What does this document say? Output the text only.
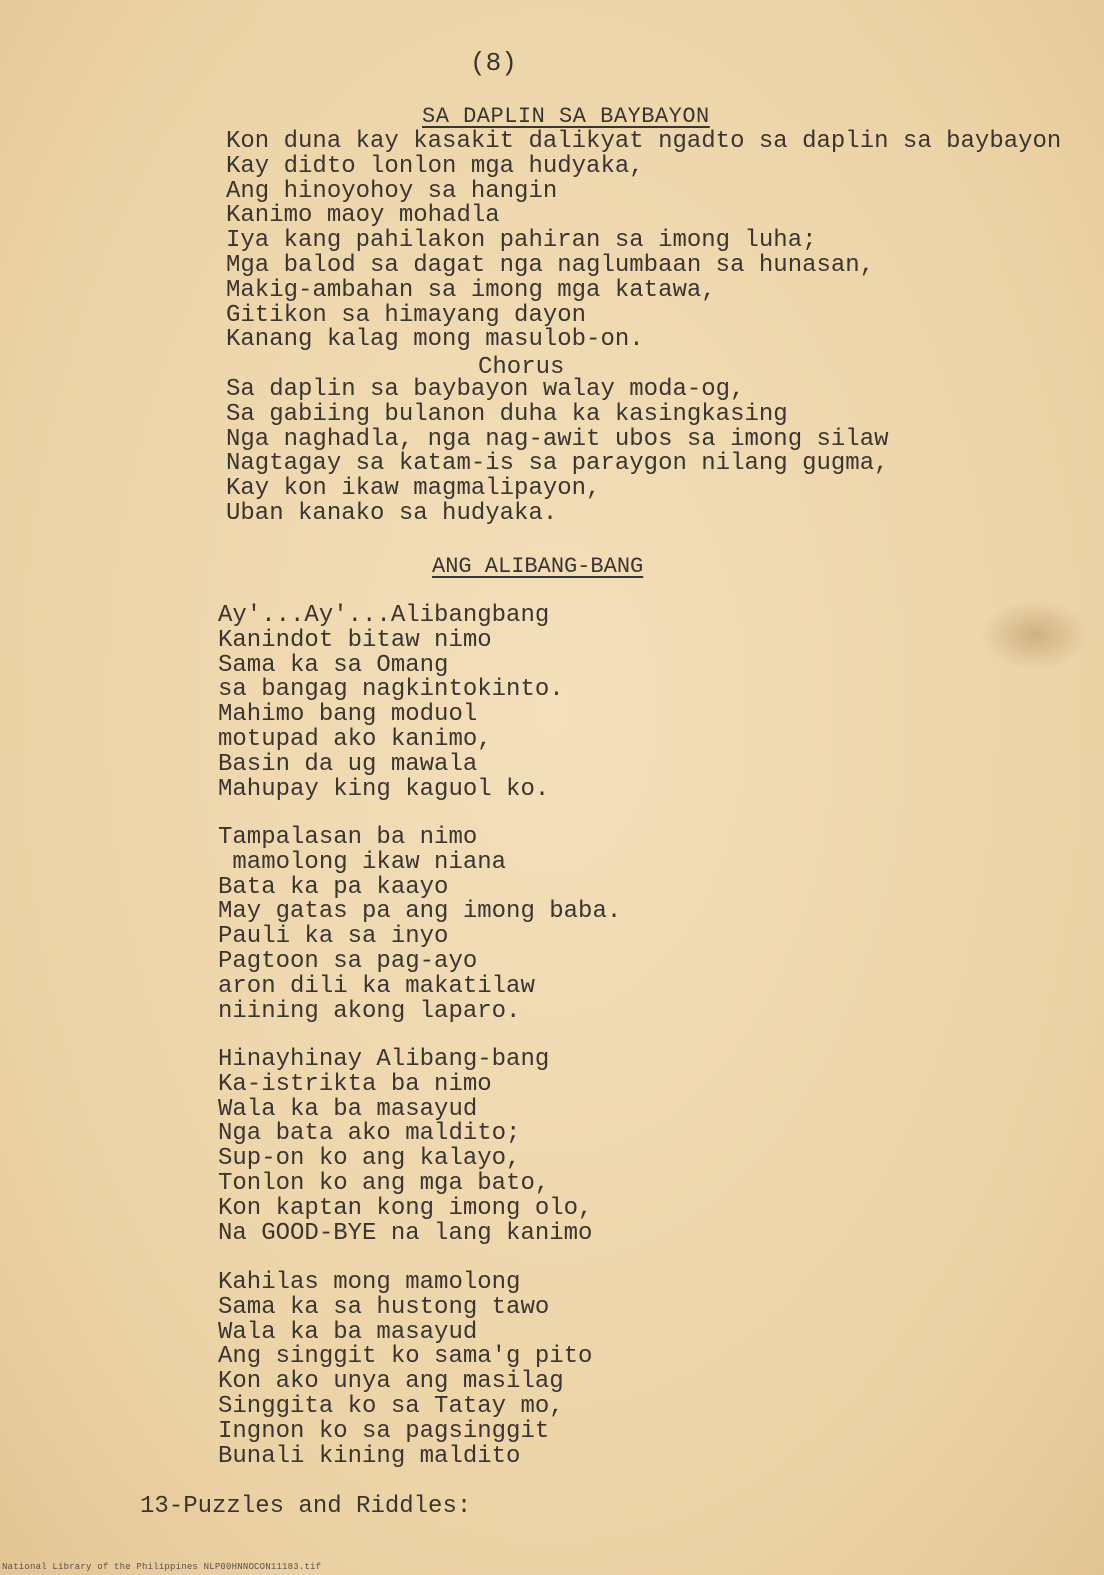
(8)
SA DAPLIN SA BAYBAYON
Kon duna kay kasakit dalikyat ngadto sa daplin sa baybayon
Kay didto lonlon mga hudyaka,
Ang hinoyohoy sa hangin
Kanimo maoy mohadla
Iya kang pahilakon pahiran sa imong luha;
Mga balod sa dagat nga naglumbaan sa hunasan,
Makig-ambahan sa imong mga katawa,
Gitikon sa himayang dayon
Kanang kalag mong masulob-on.
Chorus
Sa daplin sa baybayon walay moda-og,
Sa gabiing bulanon duha ka kasingkasing
Nga naghadla, nga nag-awit ubos sa imong silaw
Nagtagay sa katam-is sa paraygon nilang gugma,
Kay kon ikaw magmalipayon,
Uban kanako sa hudyaka.
ANG ALIBANG-BANG
Ay'...Ay'...Alibangbang
Kanindot bitaw nimo
Sama ka sa Omang
sa bangag nagkintokinto.
Mahimo bang moduol
motupad ako kanimo,
Basin da ug mawala
Mahupay king kaguol ko.
Tampalasan ba nimo
mamolong ikaw niana
Bata ka pa kaayo
May gatas pa ang imong baba.
Pauli ka sa inyo
Pagtoon sa pag-ayo
aron dili ka makatilaw
niining akong laparo.
Hinayhinay Alibang-bang
Ka-istrikta ba nimo
Wala ka ba masayud
Nga bata ako maldito;
Sup-on ko ang kalayo,
Tonlon ko ang mga bato,
Kon kaptan kong imong olo,
Na GOOD-BYE na lang kanimo
Kahilas mong mamolong
Sama ka sa hustong tawo
Wala ka ba masayud
Ang singgit ko sama'g pito
Kon ako unya ang masilag
Singgita ko sa Tatay mo,
Ingnon ko sa pagsinggit
Bunali kining maldito
13-Puzzles and Riddles:
National Library of the Philippines NLP00HNNOCON11183.tif
